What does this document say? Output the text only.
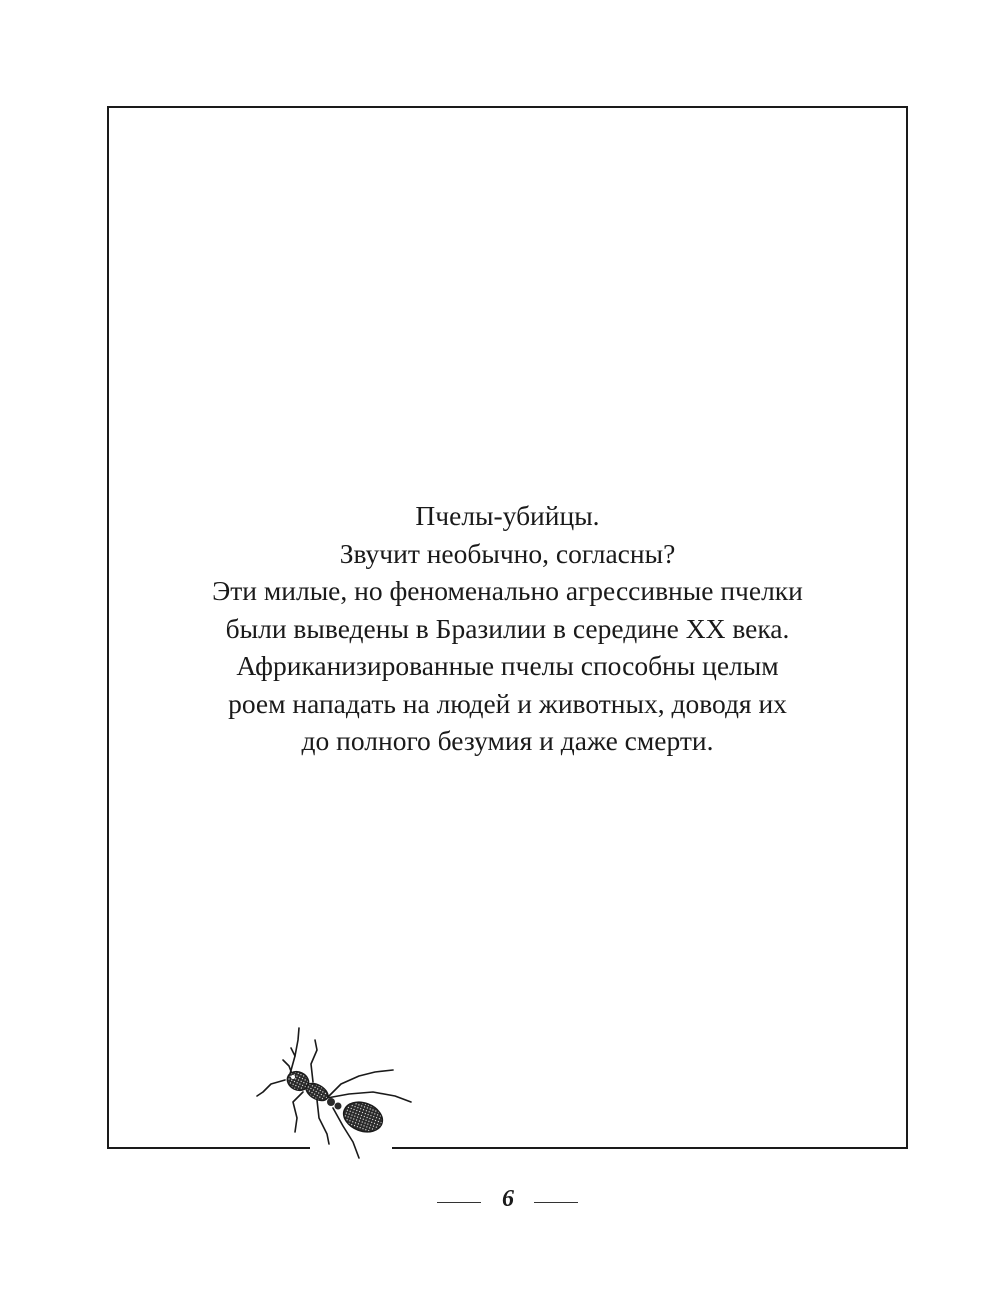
Пчелы-убийцы.
Звучит необычно, согласны?
Эти милые, но феноменально агрессивные пчелки
были выведены в Бразилии в середине XX века.
Африканизированные пчелы способны целым
роем нападать на людей и животных, доводя их
до полного безумия и даже смерти.
6
